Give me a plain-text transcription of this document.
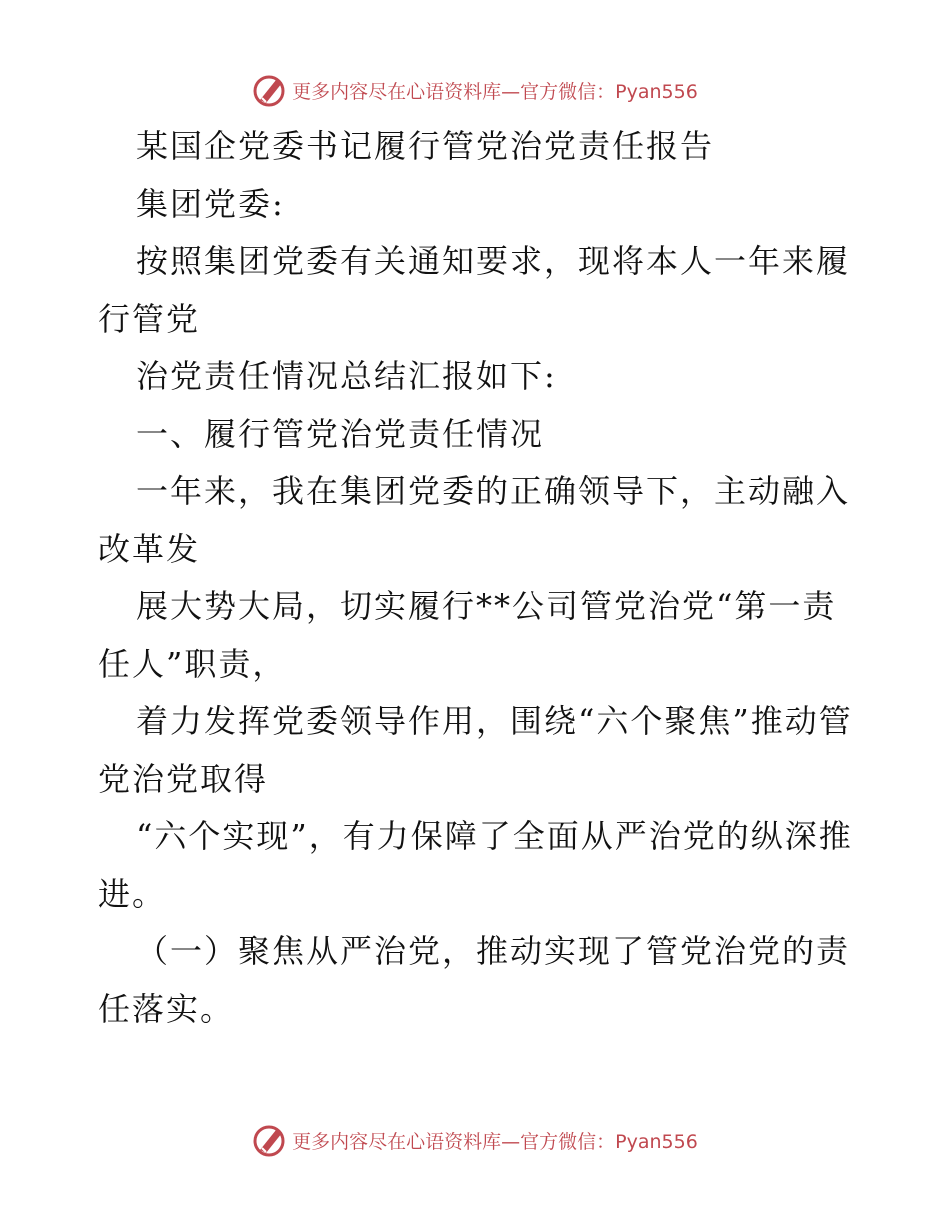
更多内容尽在心语资料库—官方微信：Pyan556

某国企党委书记履行管党治党责任报告

集团党委:

按照集团党委有关通知要求，现将本人一年来履行管党

治党责任情况总结汇报如下:

一、履行管党治党责任情况

一年来，我在集团党委的正确领导下，主动融入改革发

展大势大局，切实履行**公司管党治党“第一责任人”职责，

着力发挥党委领导作用，围绕“六个聚焦”推动管党治党取得

“六个实现”，有力保障了全面从严治党的纵深推进。

（一）聚焦从严治党，推动实现了管党治党的责任落实。

更多内容尽在心语资料库—官方微信：Pyan556
